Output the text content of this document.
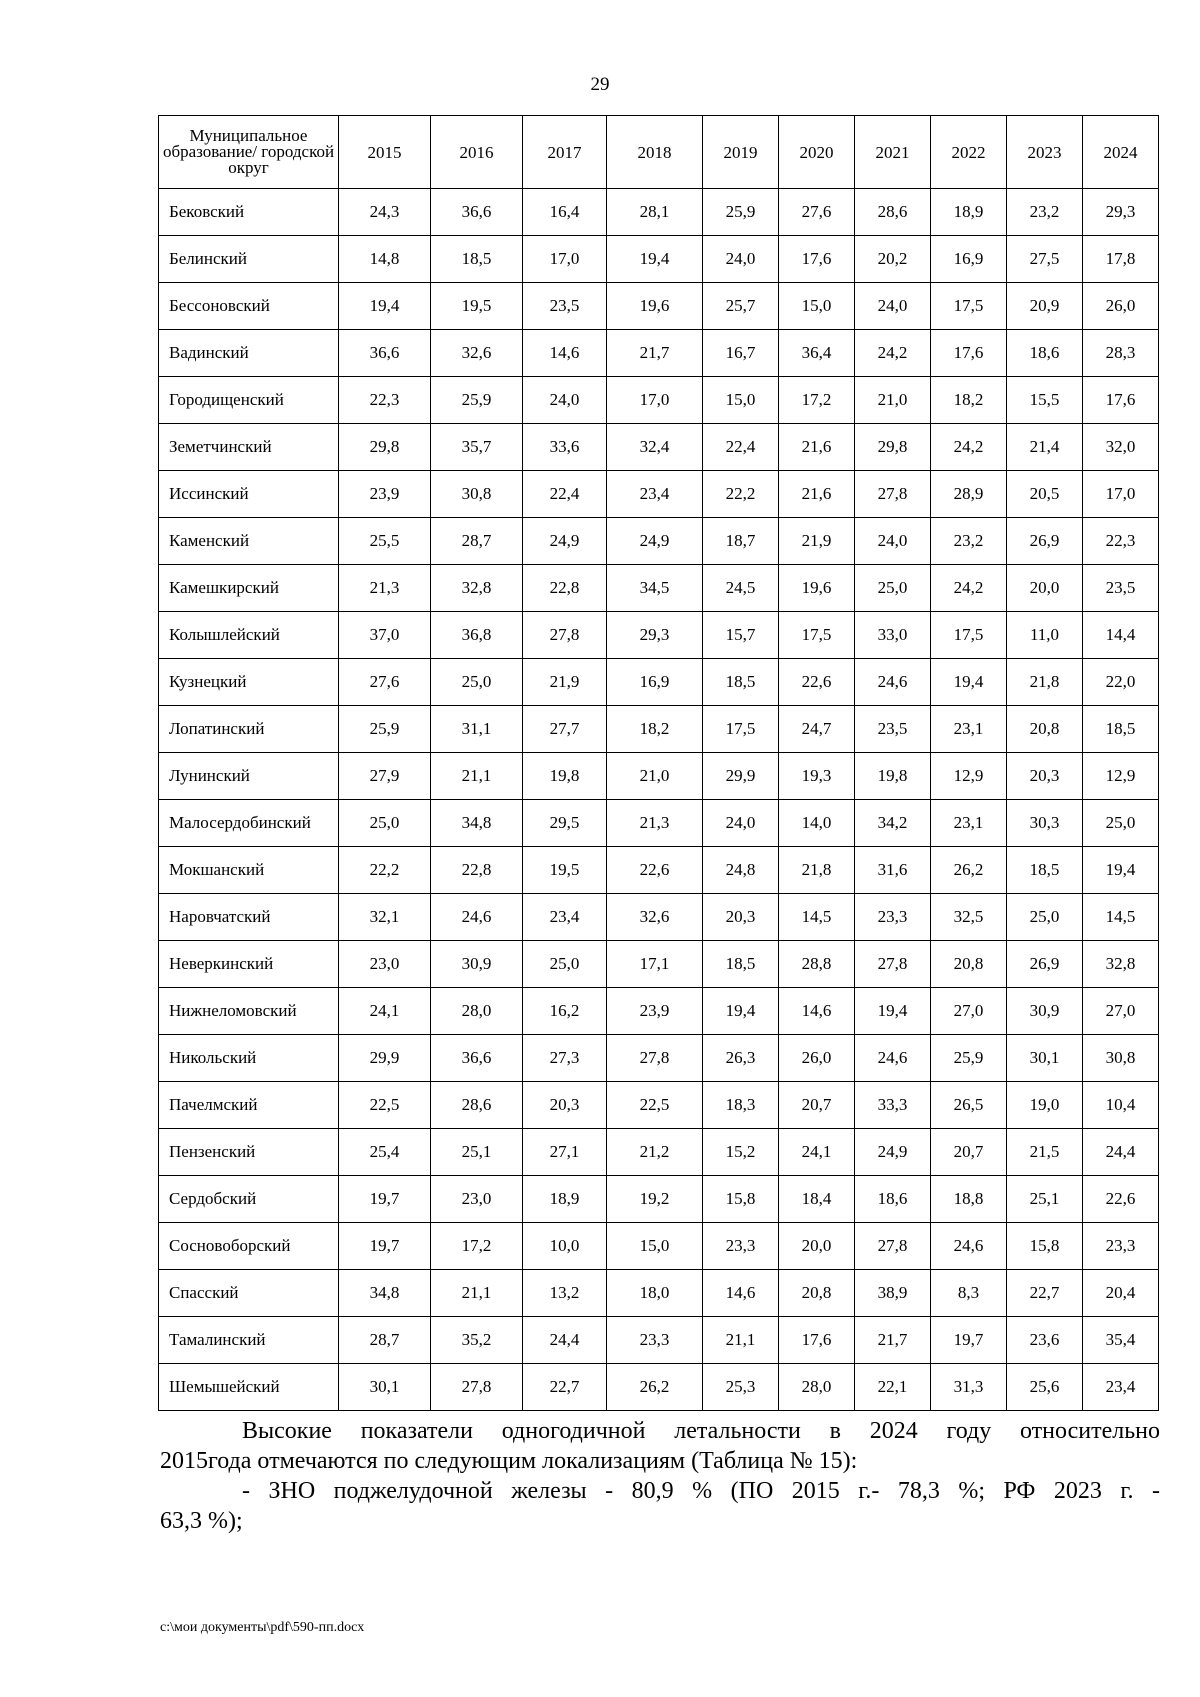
29
Муниципальное образование/ городской округ	2015	2016	2017	2018	2019	2020	2021	2022	2023	2024
Бековский	24,3	36,6	16,4	28,1	25,9	27,6	28,6	18,9	23,2	29,3
Белинский	14,8	18,5	17,0	19,4	24,0	17,6	20,2	16,9	27,5	17,8
Бессоновский	19,4	19,5	23,5	19,6	25,7	15,0	24,0	17,5	20,9	26,0
Вадинский	36,6	32,6	14,6	21,7	16,7	36,4	24,2	17,6	18,6	28,3
Городищенский	22,3	25,9	24,0	17,0	15,0	17,2	21,0	18,2	15,5	17,6
Земетчинский	29,8	35,7	33,6	32,4	22,4	21,6	29,8	24,2	21,4	32,0
Иссинский	23,9	30,8	22,4	23,4	22,2	21,6	27,8	28,9	20,5	17,0
Каменский	25,5	28,7	24,9	24,9	18,7	21,9	24,0	23,2	26,9	22,3
Камешкирский	21,3	32,8	22,8	34,5	24,5	19,6	25,0	24,2	20,0	23,5
Колышлейский	37,0	36,8	27,8	29,3	15,7	17,5	33,0	17,5	11,0	14,4
Кузнецкий	27,6	25,0	21,9	16,9	18,5	22,6	24,6	19,4	21,8	22,0
Лопатинский	25,9	31,1	27,7	18,2	17,5	24,7	23,5	23,1	20,8	18,5
Лунинский	27,9	21,1	19,8	21,0	29,9	19,3	19,8	12,9	20,3	12,9
Малосердобинский	25,0	34,8	29,5	21,3	24,0	14,0	34,2	23,1	30,3	25,0
Мокшанский	22,2	22,8	19,5	22,6	24,8	21,8	31,6	26,2	18,5	19,4
Наровчатский	32,1	24,6	23,4	32,6	20,3	14,5	23,3	32,5	25,0	14,5
Неверкинский	23,0	30,9	25,0	17,1	18,5	28,8	27,8	20,8	26,9	32,8
Нижнеломовский	24,1	28,0	16,2	23,9	19,4	14,6	19,4	27,0	30,9	27,0
Никольский	29,9	36,6	27,3	27,8	26,3	26,0	24,6	25,9	30,1	30,8
Пачелмский	22,5	28,6	20,3	22,5	18,3	20,7	33,3	26,5	19,0	10,4
Пензенский	25,4	25,1	27,1	21,2	15,2	24,1	24,9	20,7	21,5	24,4
Сердобский	19,7	23,0	18,9	19,2	15,8	18,4	18,6	18,8	25,1	22,6
Сосновоборский	19,7	17,2	10,0	15,0	23,3	20,0	27,8	24,6	15,8	23,3
Спасский	34,8	21,1	13,2	18,0	14,6	20,8	38,9	8,3	22,7	20,4
Тамалинский	28,7	35,2	24,4	23,3	21,1	17,6	21,7	19,7	23,6	35,4
Шемышейский	30,1	27,8	22,7	26,2	25,3	28,0	22,1	31,3	25,6	23,4

Высокие показатели одногодичной летальности в 2024 году относительно

2015года отмечаются по следующим локализациям (Таблица № 15):

- ЗНО поджелудочной железы - 80,9 % (ПО 2015 г.- 78,3 %; РФ 2023 г. -

63,3 %);

c:\мои документы\pdf\590-пп.docx
